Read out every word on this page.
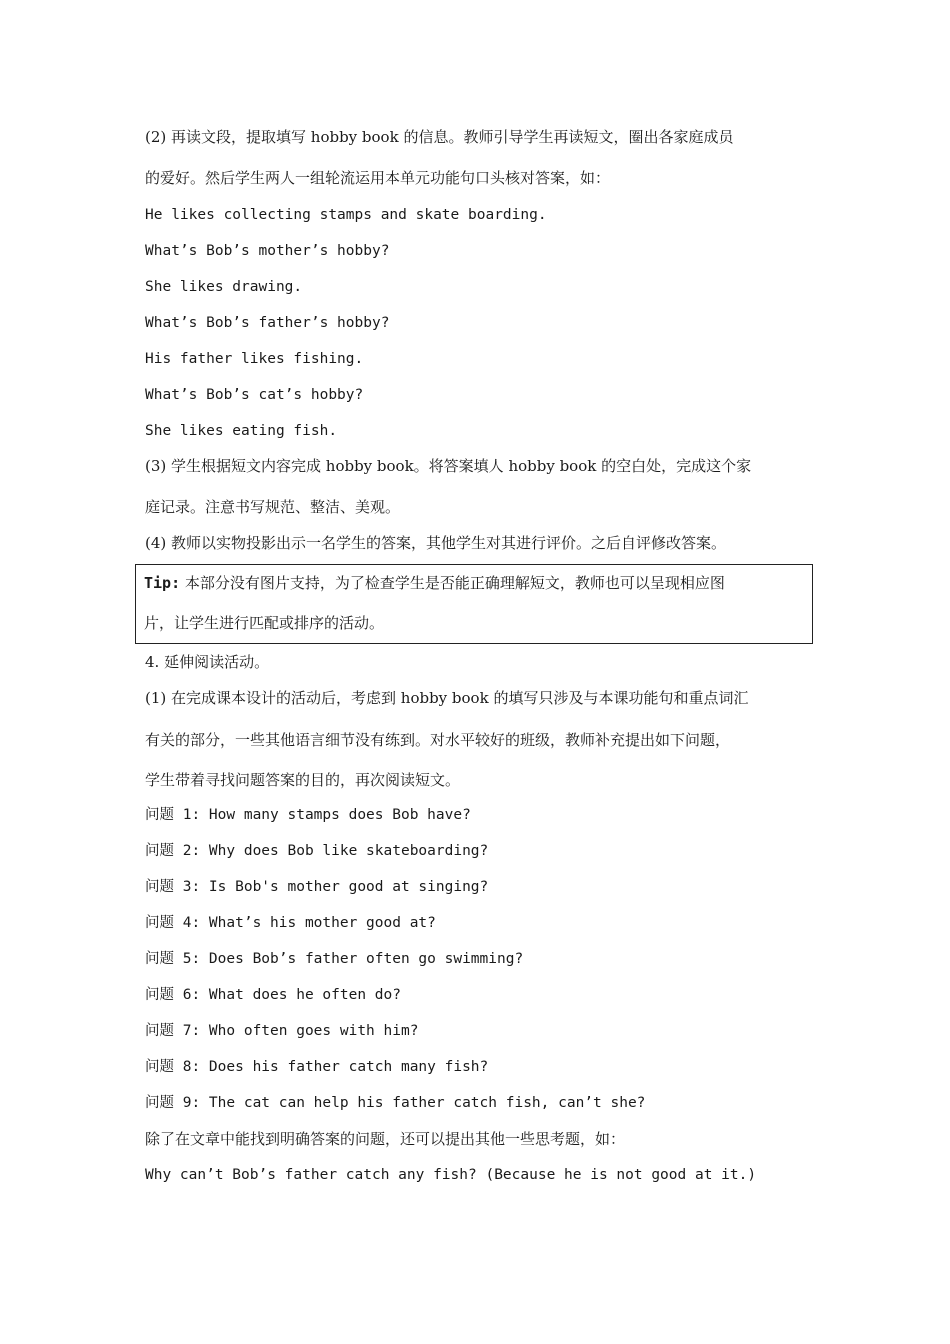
(2) 再读文段，提取填写 hobby book 的信息。教师引导学生再读短文，圈出各家庭成员
的爱好。然后学生两人一组轮流运用本单元功能句口头核对答案，如：
He likes collecting stamps and skate boarding.
What’s Bob’s mother’s hobby?
She likes drawing.
What’s Bob’s father’s hobby?
His father likes fishing.
What’s Bob’s cat’s hobby?
She likes eating fish.
(3) 学生根据短文内容完成 hobby book。将答案填人 hobby book 的空白处，完成这个家
庭记录。注意书写规范、整洁、美观。
(4) 教师以实物投影出示一名学生的答案，其他学生对其进行评价。之后自评修改答案。
Tip: 本部分没有图片支持，为了检查学生是否能正确理解短文，教师也可以呈现相应图
片，让学生进行匹配或排序的活动。
4. 延伸阅读活动。
(1) 在完成课本设计的活动后，考虑到 hobby book 的填写只涉及与本课功能句和重点词汇
有关的部分，一些其他语言细节没有练到。对水平较好的班级，教师补充提出如下问题，
学生带着寻找问题答案的目的，再次阅读短文。
问题 1: How many stamps does Bob have?
问题 2: Why does Bob like skateboarding?
问题 3: Is Bob's mother good at singing?
问题 4: What’s his mother good at?
问题 5: Does Bob’s father often go swimming?
问题 6: What does he often do?
问题 7: Who often goes with him?
问题 8: Does his father catch many fish?
问题 9: The cat can help his father catch fish, can’t she?
除了在文章中能找到明确答案的问题，还可以提出其他一些思考题，如：
Why can’t Bob’s father catch any fish? (Because he is not good at it.)
